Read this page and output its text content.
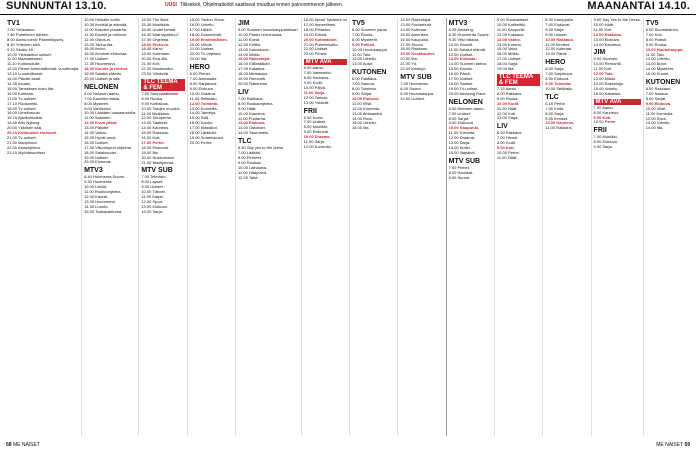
SUNNUNTAI 13.10.	UUSI Tiilisekeli, Ohjelmatiedot saattavat muuttua ennen painoonmenon jälkeen.	MAANANTAI 14.10.
TV1
7.00 Yleisaamu.
7.40 Puhelimen ääreen.
8.00 Aamu toimii: Paneelikysely.
8.40 Yhteinen kieli.
9.10 Studio 45.
10.00 Yleisradion uutiset.
11.00 Maanantaiset.
11.10 Kotiseudulle.
12.00 Pienet tuntemattomat: vuodenajat.
13.10 Luonnollisesti.
14.00 Päivän asiat.
14.35 Asuasi.
15.00 Tanssitaen koko ilta.
16.00 Kotimaa.
17.00 Tv-uutiset.
17.10 Ruokaretki.
18.00 Tv-uutiset.
19.00 Urheiluruutu.
19.15 Ajankohtaista.
19.45 Arto Nyberg.
20.00 Ykkösen sää.
20.10 Kotimaiset elokuvat.
21.00 Tv-uutiset.
21.30 Iltaopinnot.
22.00 Asiaohjelma.
23.15 Myöhäisuutiset.
10.00 Hiekalle kotiin.
10.30 Ihmisiä ja elämää.
11.00 Kasvien puutarha.
11.30 Kauniit ja rohkeat.
12.00 Ostos-tv.
13.00 Tarina ilta.
15.00 Ilmiot.
16.00 Arvokas elokuvaa.
17.00 Uutiset.
17.30 Huomenna.
18.00 Kaunis ja rohkea.
19.00 Salatut elämät.
20.00 Uutiset ja sää.
NELONEN
6.00 Nelosen aamu.
7.00 Kauniita naisia.
8.00 Mysteeri.
9.00 Vahtikoira.
10.00 Lääkärin vastaanotolla.
11.00 Salainen.
12.00 Kova päivä.
13.00 Pakotie.
14.00 Vaimo.
15.00 Hyvät arvot.
16.00 Uutiset.
17.30 Viikonlopun ohjelma.
18.00 Salaisuudet.
19.00 Uutiset.
20.00 Elokuvat.
MTV3
6.40 Huomenta Suomi.
9.30 Huomenta.
10.00 Lähiöt.
11.00 Ruokaohjelma.
12.00 Kauniit.
13.00 Huomenna.
14.30 Luonto.
15.00 Tositapahtuma.
15.00 The Bold.
15.30 Musiikkia.
16.00 Uudet tarinat.
16.30 Mitä tapahtuu?
17.00 Ohjelmia.
18.00 Elokuva.
18.45 Kahvi.
19.00 Kotimaan.
20.00 Ensi-ilta.
21.00 Koti.
22.00 Mustavalko.
23.00 Viihdettä.
TLC TEEMA & FEM
7.00 Sunnuntaiaamu.
8.00 Ruoka.
9.00 Kotitalous.
10.00 Talojen muodot.
11.00 Meikkaus.
12.00 Suurperhe.
13.00 Vaatteet.
14.00 Kauneus.
15.00 Rakkaus.
16.00 Koti.
17.00 Perhe.
18.00 Elokuvat.
19.00 Ilta.
20.00 Nukkumaan.
21.00 Iltaohjelmat.
MTV SUB
7.00 Televisio.
8.00 Lapset.
9.00 Uutiset.
10.00 Tähdet.
11.00 Sarjat.
12.00 Sport.
13.00 Elokuva.
14.00 Sarja.
15.00 Tiedon Show.
16.00 Urheilu.
17.00 Lähiöt.
18.00 Dokumentti.
19.00 Ensimmäinen.
20.00 Viihde.
21.00 Uutiset.
22.00 Tv-ohjelma.
23.00 Ilta.
HERO
6.00 Pienet.
7.00 Animaatio.
8.00 Sarjakuva.
9.00 Elokuva.
10.00 Draama.
11.00 Seikkailu.
12.00 Toiminta.
13.00 Komedia.
14.00 Jännitys.
15.00 Scifi.
16.00 Kauhu.
17.00 Klassikot.
18.00 Länkkäri.
19.00 Sotaelokuva.
20.00 Perhe.
JIM
9.00 Suomen huutokauppakeisari.
10.00 Pakko remontoida.
11.00 Koirat.
12.00 Keittiö.
13.00 Kaivinkone.
14.00 Mökki.
15.00 Rakentajat.
16.00 Eläinlääkäri.
17.00 Kalastus.
18.00 Metsästys.
19.00 Remontti.
20.00 Rakennus.
LIV
7.00 Rakkaus.
8.00 Ruokaohjelma.
9.00 Häät.
10.00 Kauneus.
11.00 Puutarha.
12.00 Elokuva.
13.00 Ostokset.
14.00 Seurustelu.
TLC
6.30 Say yes to the dress.
7.00 Lääkäri.
8.00 Perheet.
9.00 Ruokaa.
10.00 Laihdutus.
11.00 Hääpuvut.
12.00 Talot.
16.00 Apua! Tyttäreni on
17.00 Ihmeellinen.
18.00 Pelastus.
19.00 Elämä.
20.00 Kotimainen.
21.00 Puhelinsoitto.
22.00 Uutiset.
23.00 Pimeä.
MTV AVA
6.00 Aamu.
7.00 Valmistelu.
8.00 Kauneus.
9.00 Kodit.
10.00 Päivä.
11.00 Sarja.
12.00 Tarinat.
13.00 Ystävät.
FRII
6.00 Kuvia.
7.00 Uutiset.
8.00 Musiikki.
9.00 Elokuvat.
10.00 Draama.
11.00 Sarja.
12.00 Komedia.
TV5
6.00 Suomen paras.
7.00 Ruoka.
8.00 Mysteerit.
9.00 Poliisit.
10.00 Huutokauppa.
11.00 Talo.
12.00 Urheilu.
13.00 Autot.
KUTONEN
6.00 Rakkaus.
7.00 Naurua.
8.00 Toiminta.
9.00 Sarjat.
10.00 Elokuva.
11.00 Vitsit.
12.00 Komedia.
13.00 Animaatiot.
14.00 Rock.
15.00 Urheilu.
16.00 Ilta.
12.00 Rakentajat.
13.00 Puutarhurit.
14.00 Kotimaa.
15.00 Amerikka.
16.00 Kaupunki.
17.00 Suomi.
18.00 Rakkaus.
19.00 Kesäkaudet.
20.00 Ilta.
21.00 Yö.
22.00 Keskiyö.
MTV SUB
7.00 Huomenta.
8.00 Suomi.
9.00 Huutokauppa.
10.00 Uutiset.
MTV3
6.25 Amazing.
6.30 Huomenta Suomi.
9.30 Viisi viikkoa.
10.00 Kauniit.
11.00 Salatut elämät.
12.00 Uutiset.
13.00 Kotimaa.
14.00 Suomen tarina.
15.00 Kaunis.
16.00 Päivä.
17.00 Uutiset.
18.00 Salatut.
19.00 Tv-uutiset.
20.00 Amazing Race.
NELONEN
6.00 Nelonen aamu.
7.00 Uutiset.
8.00 Sarjat.
9.00 Elokuvat.
10.00 Kaupunki.
11.00 Toiminta.
12.00 Draama.
13.00 Sarja.
14.00 Kotiin.
15.00 Iltapäivä.
MTV SUB
7.00 Pienet.
8.00 Hauskat.
9.00 Suomi.
9.00 Suomalaiset.
10.00 Kotikeittiö.
11.00 Kaupunki.
12.00 Kokkaus.
13.00 Vaimo.
14.00 Kotona.
15.00 Valot.
16.00 Mökki.
17.00 Uutiset.
18.00 Sarja.
19.00 Ilta.
TLC TEEMA & FEM
7.15 Aamu.
8.00 Rakkaus.
9.00 Ruoka.
10.00 Kodit.
11.00 Häät.
12.00 Koti.
13.00 Sarja.
LIV
6.00 Rakkaus.
7.00 Hienot.
8.00 Kodit.
9.00 Koti.
10.00 Perhe.
11.00 Häät.
6.00 Kamppailu.
7.00 Elokuvat.
8.00 Sarja.
9.00 Uutiset.
10.00 Rakkaus.
11.00 Ihmiset.
12.00 Kotimaa.
13.00 Päivä.
HERO
6.00 Sarja.
7.00 Sarjakuva.
8.00 Elokuva.
9.00 Toiminta.
10.00 Seikkailu.
TLC
6.15 Perhe.
7.00 Kodit.
8.00 Sarja.
9.00 Ihmiset.
10.00 Kauneus.
11.00 Rakkaus.
9.00 Say Yes to the Dress.
10.00 Häät.
11.00 Koti.
12.00 Rakkaus.
13.00 Elokuva.
14.00 Kauneus.
JIM
9.00 Suomen.
10.00 Remontti.
11.00 Koti.
12.00 Talo.
13.00 Mökki.
14.00 Rakentaja.
15.00 Urheilu.
16.00 Kalastus.
MTV AVA
7.00 Aamu.
8.00 Kauneus.
9.00 Koti.
10.00 Perhe.
FRII
7.00 Musiikki.
8.00 Elokuva.
9.00 Sarja.
TV5
6.00 Suomalainen.
7.00 Koti.
8.00 Poliisit.
9.00 Ruoka.
10.00 Huutokauppa.
11.00 Talo.
12.00 Urheilu.
13.00 Autot.
14.00 Mysteerit.
15.00 Suomi.
KUTONEN
6.00 Rakkaus.
7.00 Naurua.
8.00 Sarjat.
9.00 Elokuva.
10.00 Vitsit.
11.00 Komedia.
12.00 Rock.
13.00 Urheilu.
14.00 Ilta.
58 ME NAISET	ME NAISET 59
